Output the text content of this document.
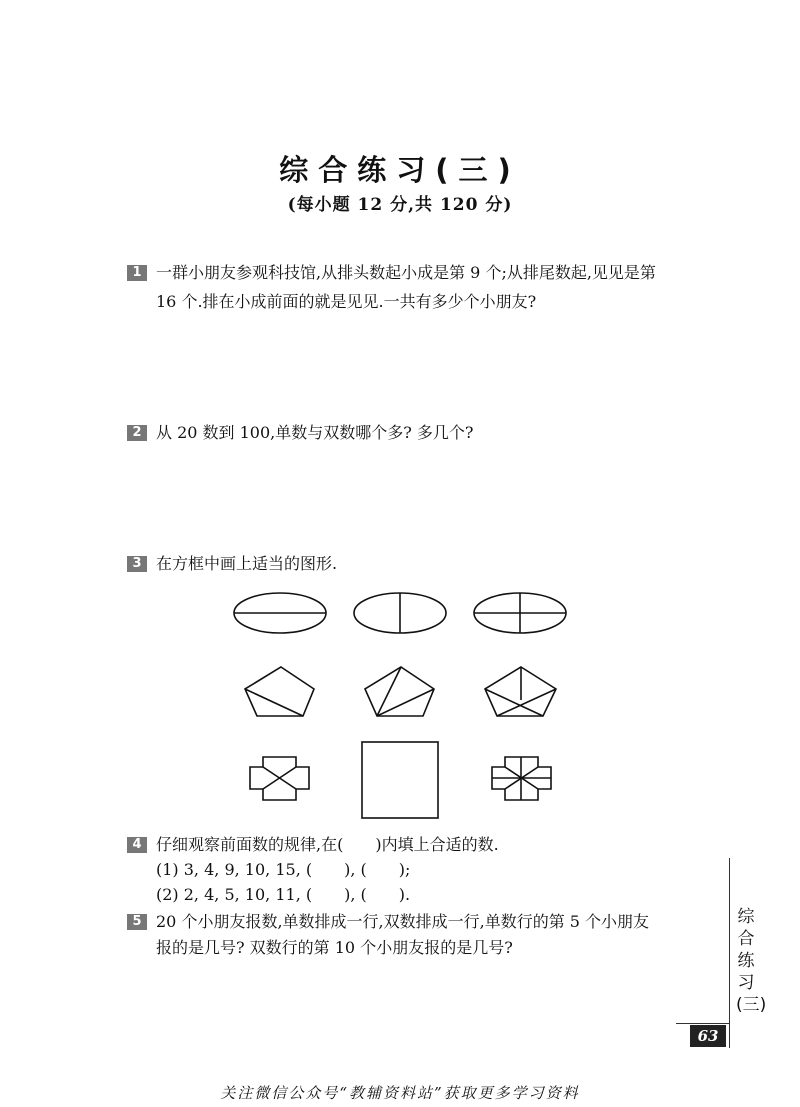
综合练习(三)
(每小题 12 分,共 120 分)
1 一群小朋友参观科技馆,从排头数起小成是第 9 个;从排尾数起,见见是第
16 个.排在小成前面的就是见见.一共有多少个小朋友?
2 从 20 数到 100,单数与双数哪个多? 多几个?
3 在方框中画上适当的图形.
4 仔细观察前面数的规律,在(　　)内填上合适的数.
(1) 3, 4, 9, 10, 15, (　　), (　　);
(2) 2, 4, 5, 10, 11, (　　), (　　).
5 20 个小朋友报数,单数排成一行,双数排成一行,单数行的第 5 个小朋友
报的是几号? 双数行的第 10 个小朋友报的是几号?
综合练习(三)
63
关注微信公众号“教辅资料站”获取更多学习资料
